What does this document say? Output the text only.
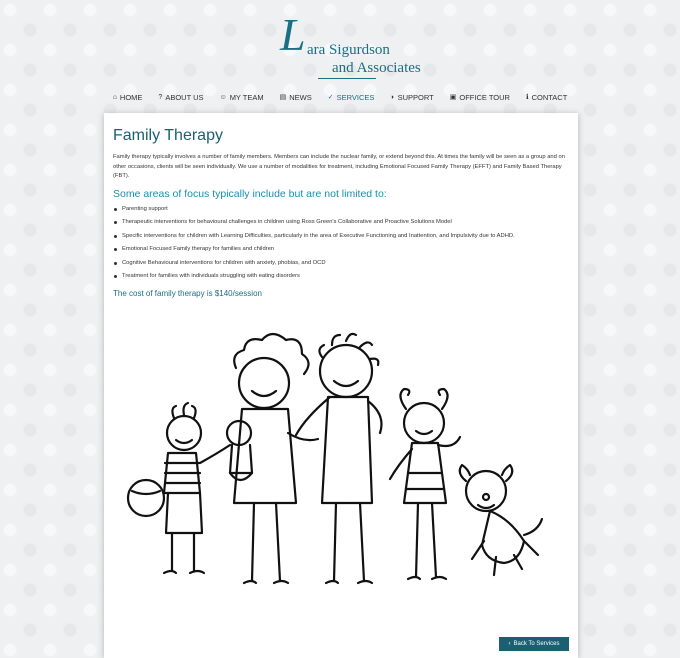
L ara Sigurdson
and Associates
⌂ HOME ? ABOUT US ☺ MY TEAM ▤ NEWS ✓ SERVICES ◗ SUPPORT ▣ OFFICE TOUR ℹ CONTACT
Family Therapy

Family therapy typically involves a number of family members. Members can include the nuclear family, or extend beyond this. At times the family will be seen as a group and on other occasions, clients will be seen individually. We use a number of modalities for treatment, including Emotional Focused Family Therapy (EFFT) and Family Based Therapy (FBT).

Some areas of focus typically include but are not limited to:
Parenting support
Therapeutic interventions for behavioural challenges in children using Ross Green's Collaborative and Proactive Solutions Model
Specific interventions for children with Learning Difficulties, particularly in the area of Executive Functioning and Inattention, and Impulsivity due to ADHD.
Emotional Focused Family therapy for families and children
Cognitive Behavioural interventions for children with anxiety, phobias, and OCD
Treatment for families with individuals struggling with eating disorders
The cost of family therapy is $140/session
‹ Back To Services
